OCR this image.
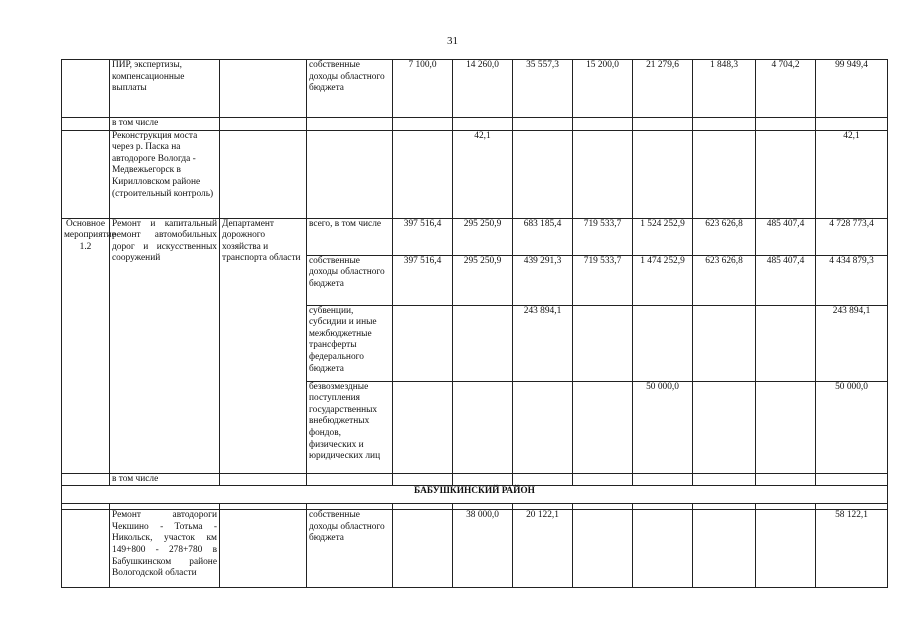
31
	ПИР, экспертизы, компенсационные выплаты		собственные доходы областного бюджета	7 100,0	14 260,0	35 557,3	15 200,0	21 279,6	1 848,3	4 704,2	99 949,4
	в том числе										
	Реконструкция моста через р. Паска на автодороге Вологда - Медвежьегорск в Кирилловском районе (строительный контроль)				42,1						42,1
Основное мероприятие 1.2	Ремонт и капитальный ремонт автомобильных дорог и искусственных сооружений	Департамент дорожного хозяйства и транспорта области	всего, в том числе	397 516,4	295 250,9	683 185,4	719 533,7	1 524 252,9	623 626,8	485 407,4	4 728 773,4
			собственные доходы областного бюджета	397 516,4	295 250,9	439 291,3	719 533,7	1 474 252,9	623 626,8	485 407,4	4 434 879,3
			субвенции, субсидии и иные межбюджетные трансферты федерального бюджета			243 894,1					243 894,1
			безвозмездные поступления государственных внебюджетных фондов, физических и юридических лиц					50 000,0			50 000,0
	в том числе										
БАБУШКИНСКИЙ РАЙОН											

	Ремонт автодороги Чекшино - Тотьма - Никольск, участок км 149+800 - 278+780 в Бабушкинском районе Вологодской области		собственные доходы областного бюджета		38 000,0	20 122,1					58 122,1
